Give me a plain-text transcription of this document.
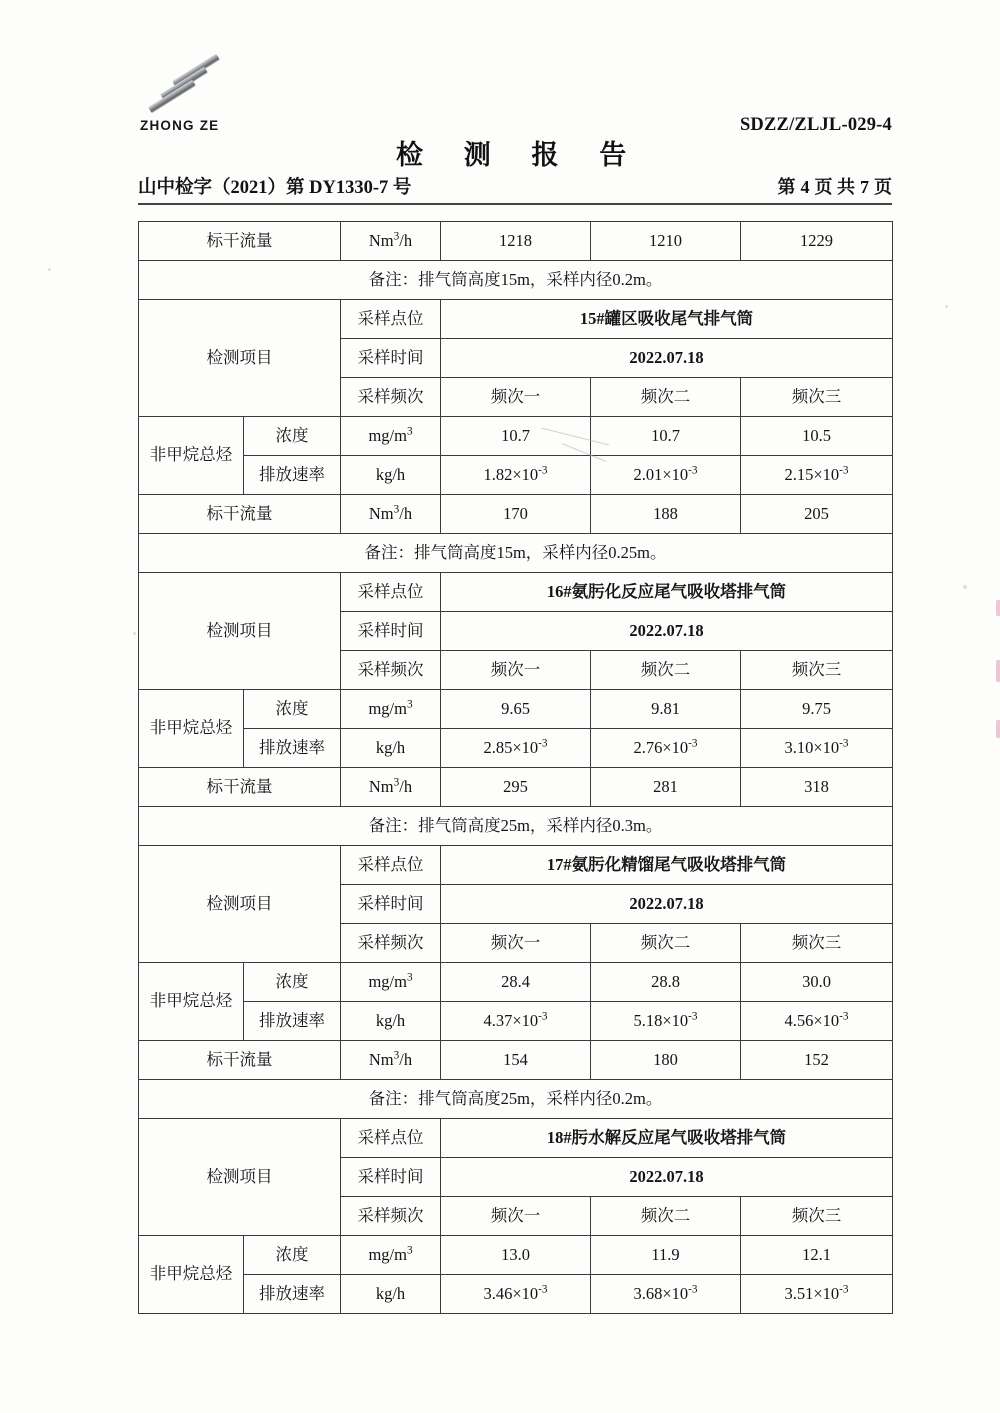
ZHONG ZE	SDZZ/ZLJL-029-4
检 测 报 告
山中检字（2021）第 DY1330-7 号	第 4 页 共 7 页
标干流量		Nm$^3$/h	1218	1210	1229
备注：排气筒高度15m，采样内径0.2m。					
检测项目		采样点位	15#罐区吸收尾气排气筒		
		采样时间	2022.07.18		
		采样频次	频次一	频次二	频次三
非甲烷总烃	浓度	$mg/m^3$	10.7	10.7	10.5
	排放速率	kg/h	$1.82\times 10^{-3}$	$2.01\times 10^{-3}$	$2.15\times 10^{-3}$
标干流量		Nm$^3$/h	170	188	205
备注：排气筒高度15m，采样内径0.25m。					
检测项目		采样点位	16#氨肟化反应尾气吸收塔排气筒		
		采样时间	2022.07.18		
		采样频次	频次一	频次二	频次三
非甲烷总烃	浓度	$mg/m^3$	9.65	9.81	9.75
	排放速率	kg/h	$2.85\times 10^{-3}$	$2.76\times 10^{-3}$	$3.10\times 10^{-3}$
标干流量		Nm$^3$/h	295	281	318
备注：排气筒高度25m，采样内径0.3m。					
检测项目		采样点位	17#氨肟化精馏尾气吸收塔排气筒		
		采样时间	2022.07.18		
		采样频次	频次一	频次二	频次三
非甲烷总烃	浓度	$mg/m^3$	28.4	28.8	30.0
	排放速率	kg/h	$4.37\times 10^{-3}$	$5.18\times 10^{-3}$	$4.56\times 10^{-3}$
标干流量		Nm$^3$/h	154	180	152
备注：排气筒高度25m，采样内径0.2m。					
检测项目		采样点位	18#肟水解反应尾气吸收塔排气筒		
		采样时间	2022.07.18		
		采样频次	频次一	频次二	频次三
非甲烷总烃	浓度	$mg/m^3$	13.0	11.9	12.1
	排放速率	kg/h	$3.46\times 10^{-3}$	$3.68\times 10^{-3}$	$3.51\times 10^{-3}$
